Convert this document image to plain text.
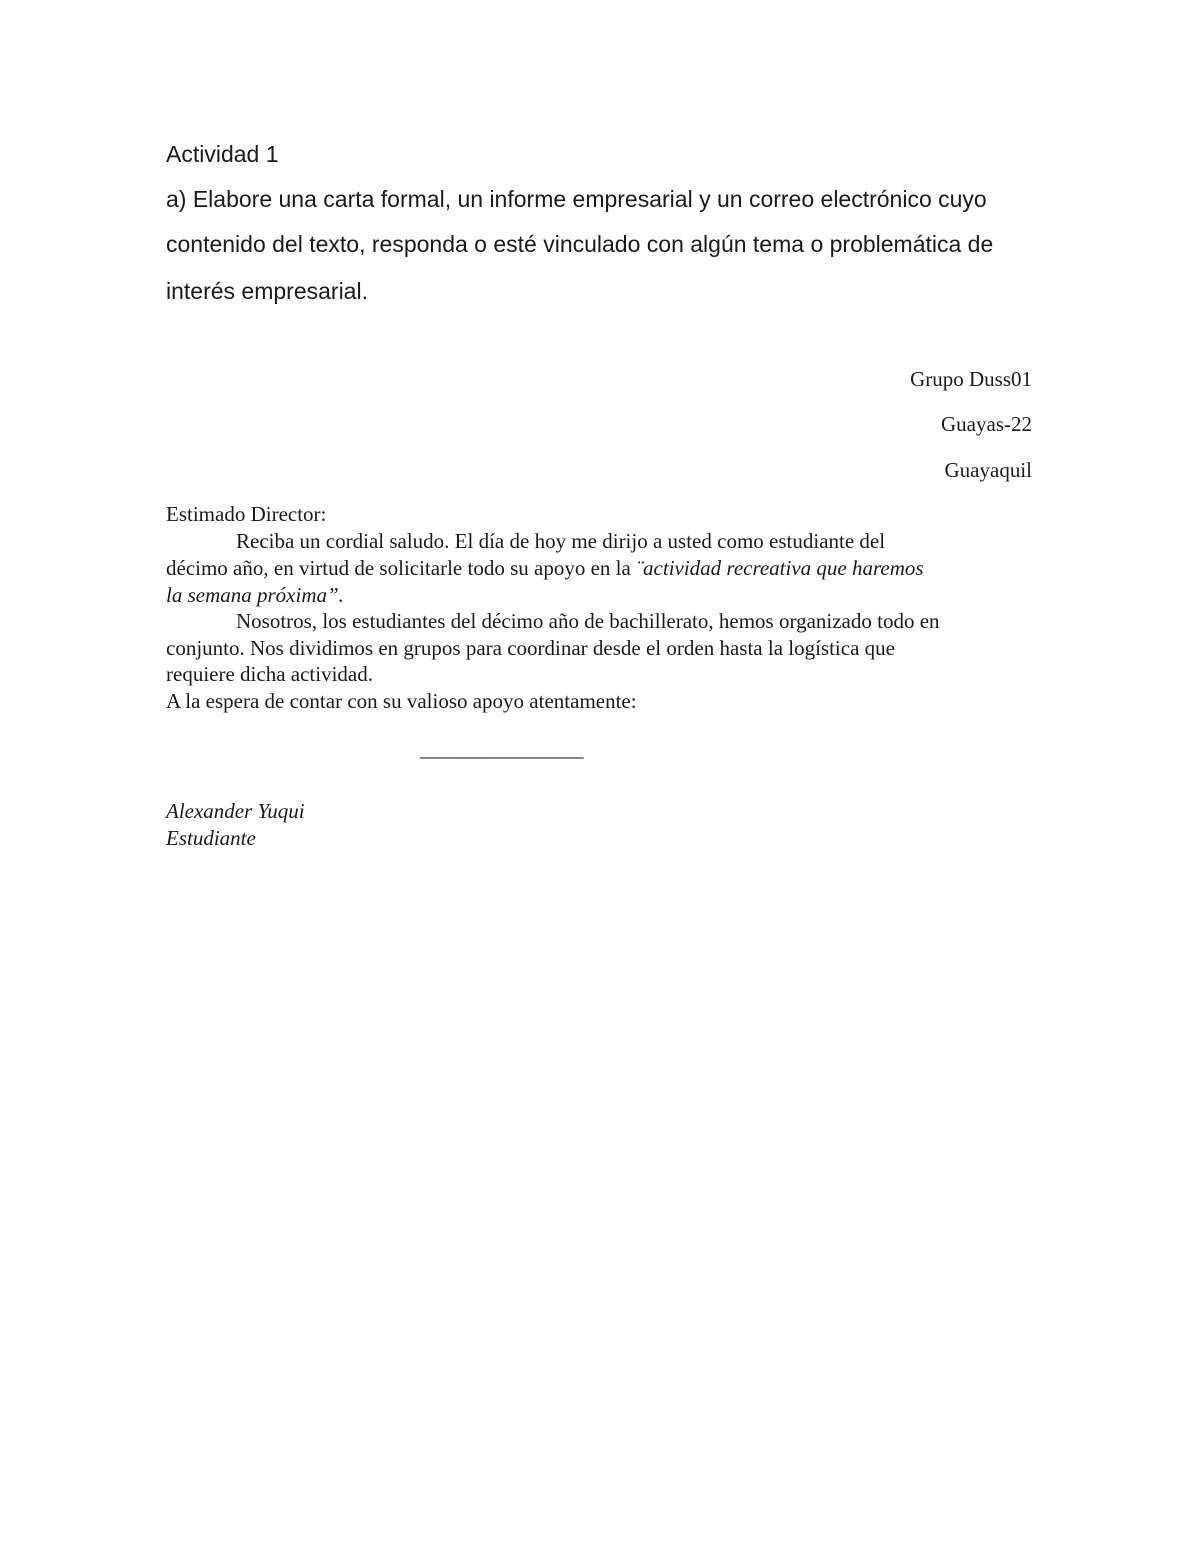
Actividad 1

a) Elabore una carta formal, un informe empresarial y un correo electrónico cuyo

contenido del texto, responda o esté vinculado con algún tema o problemática de

interés empresarial.

Grupo Duss01

Guayas-22

Guayaquil

Estimado Director:

Reciba un cordial saludo. El día de hoy me dirijo a usted como estudiante del

décimo año, en virtud de solicitarle todo su apoyo en la ¨actividad recreativa que haremos

la semana próxima”.

Nosotros, los estudiantes del décimo año de bachillerato, hemos organizado todo en

conjunto. Nos dividimos en grupos para coordinar desde el orden hasta la logística que

requiere dicha actividad.

A la espera de contar con su valioso apoyo atentamente:

___________________

Alexander Yuqui

Estudiante
